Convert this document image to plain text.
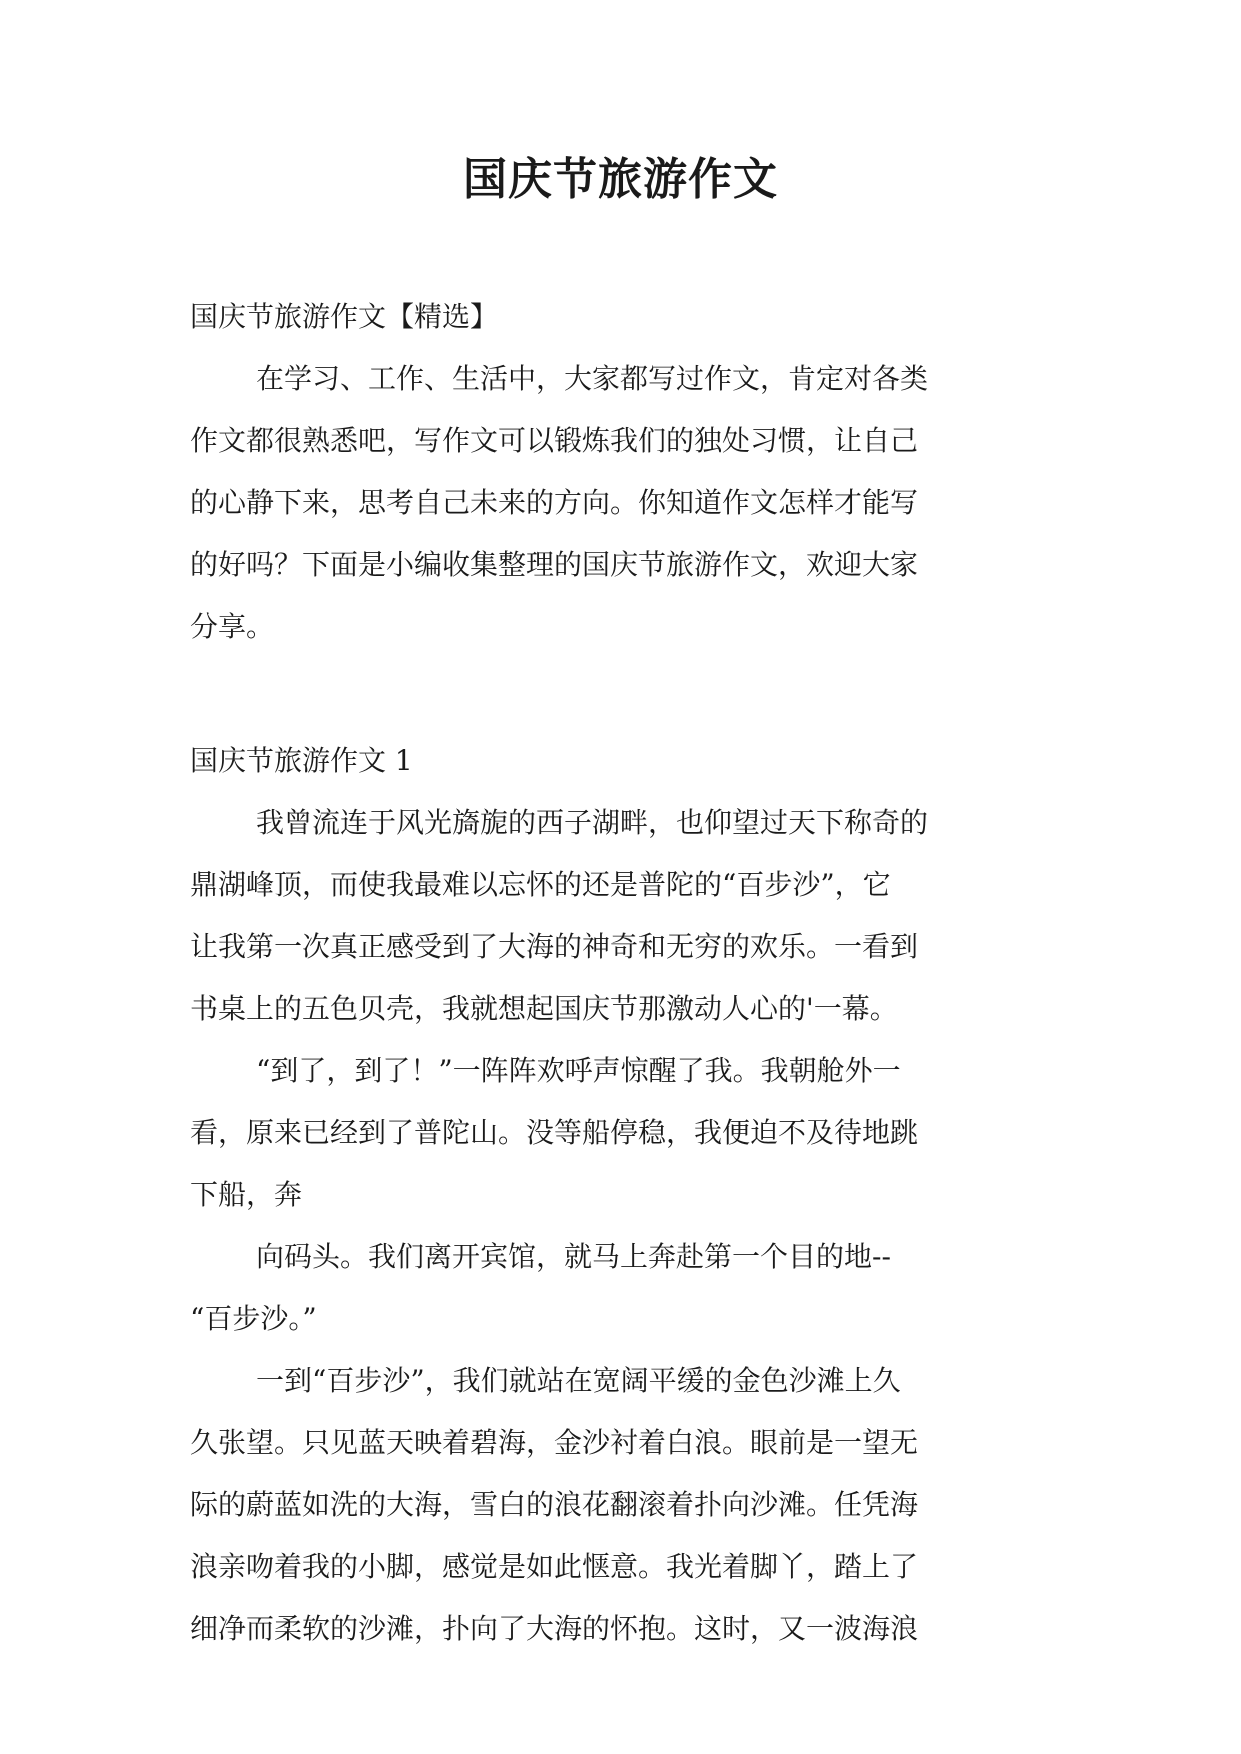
国庆节旅游作文
国庆节旅游作文【精选】
在学习、工作、生活中，大家都写过作文，肯定对各类
作文都很熟悉吧，写作文可以锻炼我们的独处习惯，让自己
的心静下来，思考自己未来的方向。你知道作文怎样才能写
的好吗？下面是小编收集整理的国庆节旅游作文，欢迎大家
分享。
国庆节旅游作文 1
我曾流连于风光旖旎的西子湖畔，也仰望过天下称奇的
鼎湖峰顶，而使我最难以忘怀的还是普陀的“百步沙”，它
让我第一次真正感受到了大海的神奇和无穷的欢乐。一看到
书桌上的五色贝壳，我就想起国庆节那激动人心的'一幕。
“到了，到了！”一阵阵欢呼声惊醒了我。我朝舱外一
看，原来已经到了普陀山。没等船停稳，我便迫不及待地跳
下船，奔
向码头。我们离开宾馆，就马上奔赴第一个目的地--
“百步沙。”
一到“百步沙”，我们就站在宽阔平缓的金色沙滩上久
久张望。只见蓝天映着碧海，金沙衬着白浪。眼前是一望无
际的蔚蓝如洗的大海，雪白的浪花翻滚着扑向沙滩。任凭海
浪亲吻着我的小脚，感觉是如此惬意。我光着脚丫，踏上了
细净而柔软的沙滩，扑向了大海的怀抱。这时，又一波海浪
